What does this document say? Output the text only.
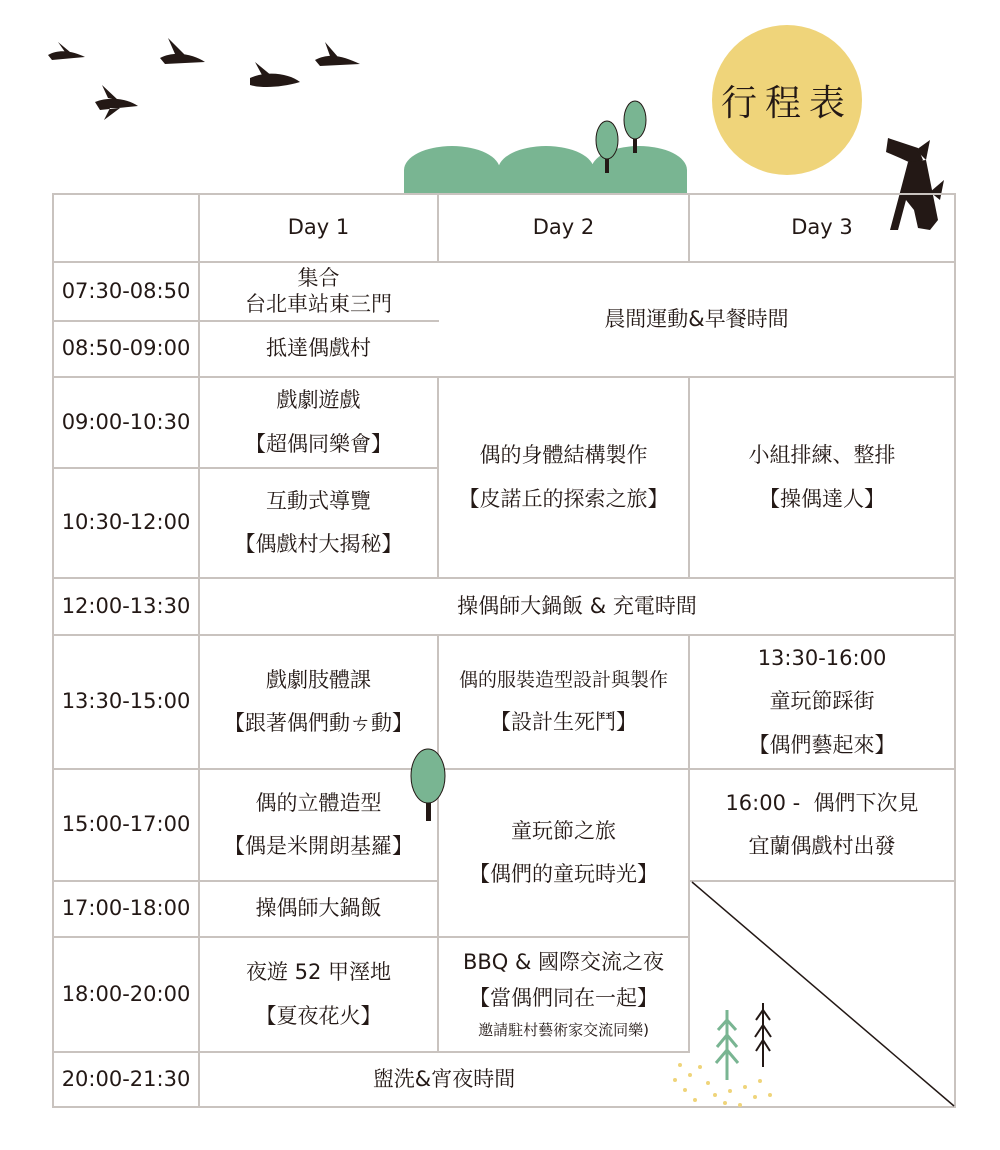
行程表
Day 1	Day 2	Day 3
07:30-08:50
08:50-09:00
09:00-10:30
10:30-12:00
12:00-13:30
13:30-15:00
15:00-17:00
17:00-18:00
18:00-20:00
20:00-21:30
集合
台北車站東三門
抵達偶戲村
戲劇遊戲
【超偶同樂會】
互動式導覽
【偶戲村大揭秘】
戲劇肢體課
【跟著偶們動ㄘ動】
偶的立體造型
【偶是米開朗基羅】
操偶師大鍋飯
夜遊 52 甲溼地
【夏夜花火】
晨間運動&早餐時間
操偶師大鍋飯 & 充電時間
盥洗&宵夜時間
偶的身體結構製作
【皮諾丘的探索之旅】
偶的服裝造型設計與製作
【設計生死鬥】
童玩節之旅
【偶們的童玩時光】
BBQ & 國際交流之夜
【當偶們同在一起】
邀請駐村藝術家交流同樂)
小組排練、整排
【操偶達人】
13:30-16:00
童玩節踩街
【偶們藝起來】
16:00 -  偶們下次見
宜蘭偶戲村出發
